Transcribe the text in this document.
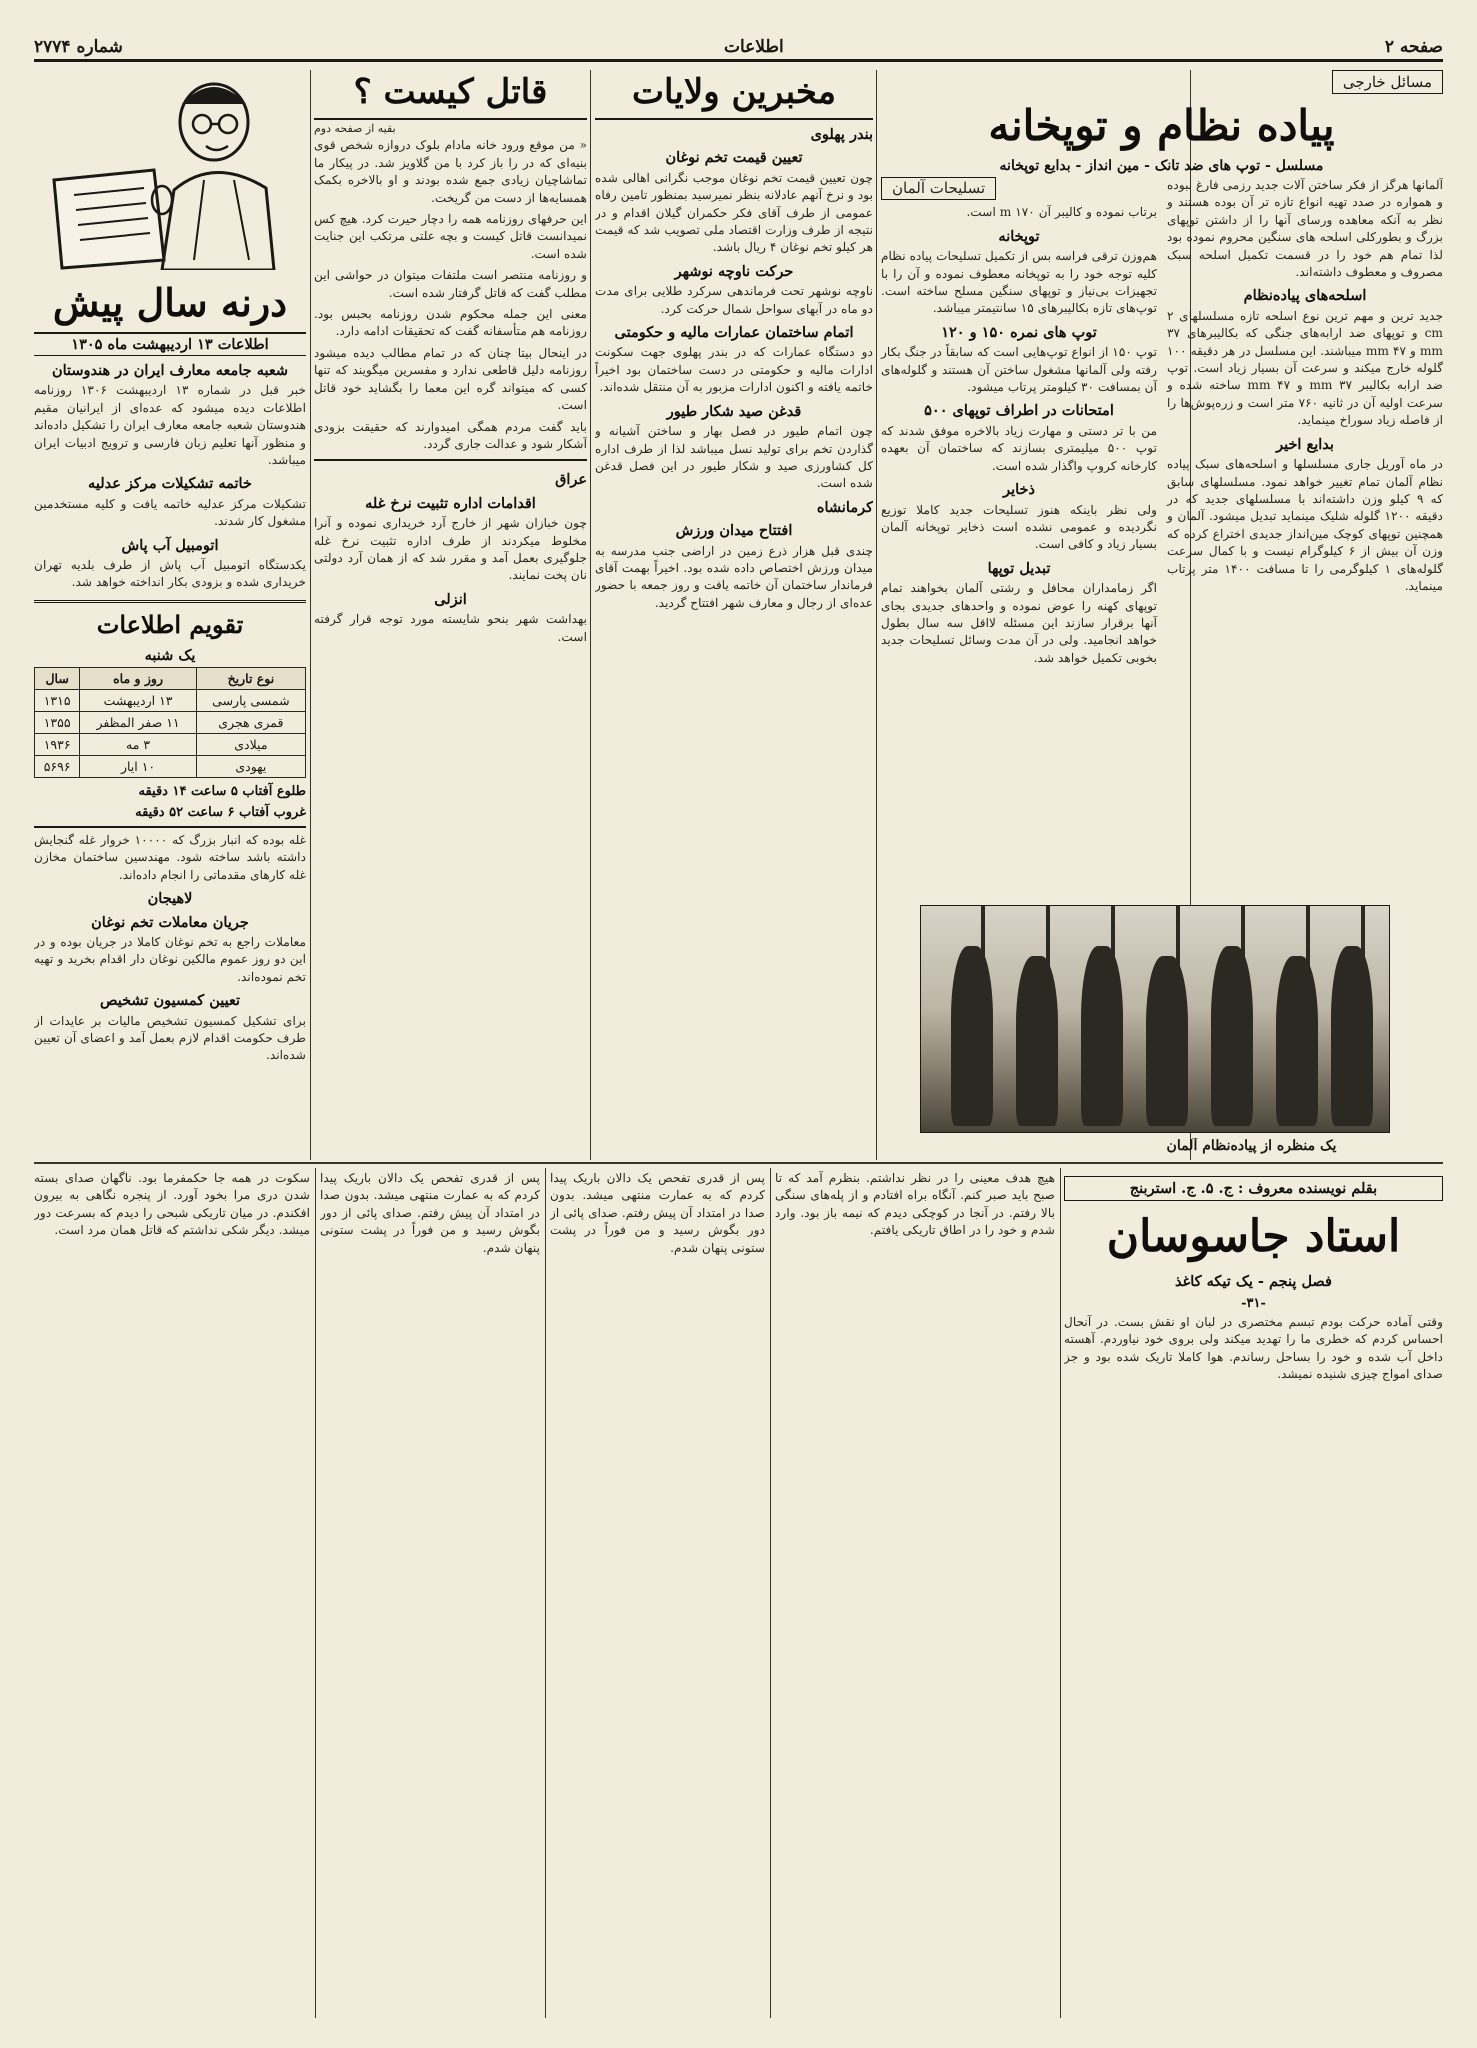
صفحه ۲
اطلاعات
شماره ۲۷۷۴
مسائل خارجی
پیاده نظام و توپخانه
مسلسل - توپ های ضد تانک - مین انداز - بدایع توپخانه

آلمانها هرگز از فکر ساختن آلات جدید رزمی فارغ نبوده و همواره در صدد تهیه انواع تازه تر آن بوده هستند و نظر به آنکه معاهده ورسای آنها را از داشتن توپهای بزرگ و بطورکلی اسلحه های سنگین محروم نموده بود لذا تمام هم خود را در قسمت تکمیل اسلحه سبک مصروف و معطوف داشته‌اند.

اسلحه‌های پیاده‌نظام

جدید ترین و مهم ترین نوع اسلحه تازه مسلسلهای ۲ cm و توپهای ضد ارابه‌های جنگی که بکالیبرهای ۳۷ mm و ۴۷ mm میباشند. این مسلسل در هر دقیقه ۱۰۰ گلوله خارج میکند و سرعت آن بسیار زیاد است. توپ ضد ارابه بکالیبر ۳۷ mm و ۴۷ mm ساخته شده و سرعت اولیه آن در ثانیه ۷۶۰ متر است و زره‌پوش‌ها را از فاصله زیاد سوراخ مینماید.

بدایع اخیر

در ماه آوریل جاری مسلسلها و اسلحه‌های سبک پیاده نظام آلمان تمام تغییر خواهد نمود. مسلسلهای سابق که ۹ کیلو وزن داشته‌اند با مسلسلهای جدید که در دقیقه ۱۲۰۰ گلوله شلیک مینماید تبدیل میشود. آلمان و همچنین توپهای کوچک مین‌انداز جدیدی اختراع کرده که وزن آن بیش از ۶ کیلوگرام نیست و با کمال سرعت گلوله‌های ۱ کیلوگرمی را تا مسافت ۱۴۰۰ متر پرتاب مینماید.

تسلیحات آلمان

برتاب نموده و کالیبر آن ۱۷۰ m است.

توپخانه

هم‌وزن ترقی فراسه بس از تکمیل تسلیحات پیاده نظام کلیه توجه خود را به توپخانه معطوف نموده و آن را با تجهیزات بی‌نیاز و توپهای سنگین مسلح ساخته است. توپ‌های تازه بکالیبرهای ۱۵ سانتیمتر میباشد.

توپ های نمره ۱۵۰ و ۱۲۰

توپ ۱۵۰ از انواع توپ‌هایی است که سابقاً در جنگ بکار رفته ولی آلمانها مشغول ساختن آن هستند و گلوله‌های آن بمسافت ۳۰ کیلومتر پرتاب میشود.

امتحانات در اطراف توپهای ۵۰۰

من با تر دستی و مهارت زیاد بالاخره موفق شدند که توپ ۵۰۰ میلیمتری بسازند که ساختمان آن بعهده کارخانه کروپ واگذار شده است.

ذخایر

ولی نظر باینکه هنوز تسلیحات جدید کاملا توزیع نگردیده و عمومی نشده است ذخایر توپخانه آلمان بسیار زیاد و کافی است.

تبدیل توپها

اگر زمامداران محافل و رشتی آلمان بخواهند تمام توپهای کهنه را عوض نموده و واحدهای جدیدی بجای آنها برقرار سازند این مسئله لااقل سه سال بطول خواهد انجامید. ولی در آن مدت وسائل تسلیحات جدید بخوبی تکمیل خواهد شد.

یک منظره از پیاده‌نظام آلمان
مخبرین ولایات
بندر پهلوی
تعیین قیمت تخم نوغان

چون تعیین قیمت تخم نوغان موجب نگرانی اهالی شده بود و نرخ آنهم عادلانه بنظر نمیرسید بمنظور تامین رفاه عمومی از طرف آقای فکر حکمران گیلان اقدام و در نتیجه از طرف وزارت اقتصاد ملی تصویب شد که قیمت هر کیلو تخم نوغان ۴ ریال باشد.

حرکت ناوچه نوشهر

ناوچه نوشهر تحت فرماندهی سرکرد طلایی برای مدت دو ماه در آبهای سواحل شمال حرکت کرد.

اتمام ساختمان عمارات مالیه و حکومتی

دو دستگاه عمارات که در بندر پهلوی جهت سکونت ادارات مالیه و حکومتی در دست ساختمان بود اخیراً خاتمه یافته و اکنون ادارات مزبور به آن منتقل شده‌اند.

قدغن صید شکار طیور

چون اتمام طیور در فصل بهار و ساختن آشیانه و گذاردن تخم برای تولید نسل میباشد لذا از طرف اداره کل کشاورزی صید و شکار طیور در این فصل قدغن شده است.

کرمانشاه
افتتاح میدان ورزش

چندی قبل هزار ذرع زمین در اراضی جنب مدرسه به میدان ورزش اختصاص داده شده بود. اخیراً بهمت آقای فرماندار ساختمان آن خاتمه یافت و روز جمعه با حضور عده‌ای از رجال و معارف شهر افتتاح گردید.

قاتل کیست ؟
بقیه از صفحه دوم

« من موقع ورود خانه مادام بلوک دروازه شخص قوی بنیه‌ای که در را باز کرد با من گلاویز شد. در پیکار ما تماشاچیان زیادی جمع شده بودند و او بالاخره بکمک همسایه‌ها از دست من گریخت.

این حرفهای روزنامه همه را دچار حیرت کرد. هیچ کس نمیدانست قاتل کیست و بچه علتی مرتکب این جنایت شده است.

و روزنامه منتصر است ملتفات میتوان در حواشی این مطلب گفت که قاتل گرفتار شده است.

معنی این جمله محکوم شدن روزنامه بحبس بود. روزنامه هم متأسفانه گفت که تحقیقات ادامه دارد.

در اینحال بیتا چنان که در تمام مطالب دیده میشود روزنامه دلیل قاطعی ندارد و مفسرین میگویند که تنها کسی که میتواند گره این معما را بگشاید خود قاتل است.

باید گفت مردم همگی امیدوارند که حقیقت بزودی آشکار شود و عدالت جاری گردد.

عراق
اقدامات اداره تثبیت نرخ غله

چون خبازان شهر از خارج آرد خریداری نموده و آنرا مخلوط میکردند از طرف اداره تثبیت نرخ غله جلوگیری بعمل آمد و مقرر شد که از همان آرد دولتی نان پخت نمایند.

انزلی

بهداشت شهر بنحو شایسته مورد توجه قرار گرفته است.

درنه سال پیش
اطلاعات ۱۳ اردیبهشت ماه ۱۳۰۵
شعبه جامعه معارف ایران در هندوستان

خبر قبل در شماره ۱۳ اردیبهشت ۱۳۰۶ روزنامه اطلاعات دیده میشود که عده‌ای از ایرانیان مقیم هندوستان شعبه جامعه معارف ایران را تشکیل داده‌اند و منظور آنها تعلیم زبان فارسی و ترویج ادبیات ایران میباشد.

خاتمه تشکیلات مرکز عدلیه

تشکیلات مرکز عدلیه خاتمه یافت و کلیه مستخدمین مشغول کار شدند.

اتومبیل آب پاش

یکدستگاه اتومبیل آب پاش از طرف بلدیه تهران خریداری شده و بزودی بکار انداخته خواهد شد.

تقویم اطلاعات
یک شنبه
نوع تاریخ	روز و ماه	سال
شمسی پارسی	۱۳ اردیبهشت	۱۳۱۵
قمری هجری	۱۱ صفر المظفر	۱۳۵۵
میلادی	۳ مه	۱۹۳۶
یهودی	۱۰ ایار	۵۶۹۶
طلوع آفتاب ۵ ساعت ۱۴ دقیقه
غروب آفتاب ۶ ساعت ۵۲ دقیقه

غله بوده که انبار بزرگ که ۱۰۰۰۰ خروار غله گنجایش داشته باشد ساخته شود. مهندسین ساختمان مخازن غله کارهای مقدماتی را انجام داده‌اند.

لاهیجان
جریان معاملات تخم نوغان

معاملات راجع به تخم نوغان کاملا در جریان بوده و در این دو روز عموم مالکین نوغان دار اقدام بخرید و تهیه تخم نموده‌اند.

تعیین کمسیون تشخیص

برای تشکیل کمسیون تشخیص مالیات بر عایدات از طرف حکومت اقدام لازم بعمل آمد و اعضای آن تعیین شده‌اند.

بقلم نویسنده معروف : ج. ۵. ج. استربنج
استاد جاسوسان
فصل پنجم - یک تیکه کاغذ
-۳۱-

وقتی آماده حرکت بودم تبسم مختصری در لبان او نقش بست. در آنحال احساس کردم که خطری ما را تهدید میکند ولی بروی خود نیاوردم. آهسته داخل آب شده و خود را بساحل رساندم. هوا کاملا تاریک شده بود و جز صدای امواج چیزی شنیده نمیشد.

هیچ هدف معینی را در نظر نداشتم. بنظرم آمد که تا صبح باید صبر کنم. آنگاه براه افتادم و از پله‌های سنگی بالا رفتم. در آنجا در کوچکی دیدم که نیمه باز بود. وارد شدم و خود را در اطاق تاریکی یافتم.

پس از قدری تفحص یک دالان باریک پیدا کردم که به عمارت منتهی میشد. بدون صدا در امتداد آن پیش رفتم. صدای پائی از دور بگوش رسید و من فوراً در پشت ستونی پنهان شدم.

سکوت در همه جا حکمفرما بود. ناگهان صدای بسته شدن دری مرا بخود آورد. از پنجره نگاهی به بیرون افکندم. در میان تاریکی شبحی را دیدم که بسرعت دور میشد. دیگر شکی نداشتم که قاتل همان مرد است.

پس از قدری تفحص یک دالان باریک پیدا کردم که به عمارت منتهی میشد. بدون صدا در امتداد آن پیش رفتم. صدای پائی از دور بگوش رسید و من فوراً در پشت ستونی پنهان شدم.
